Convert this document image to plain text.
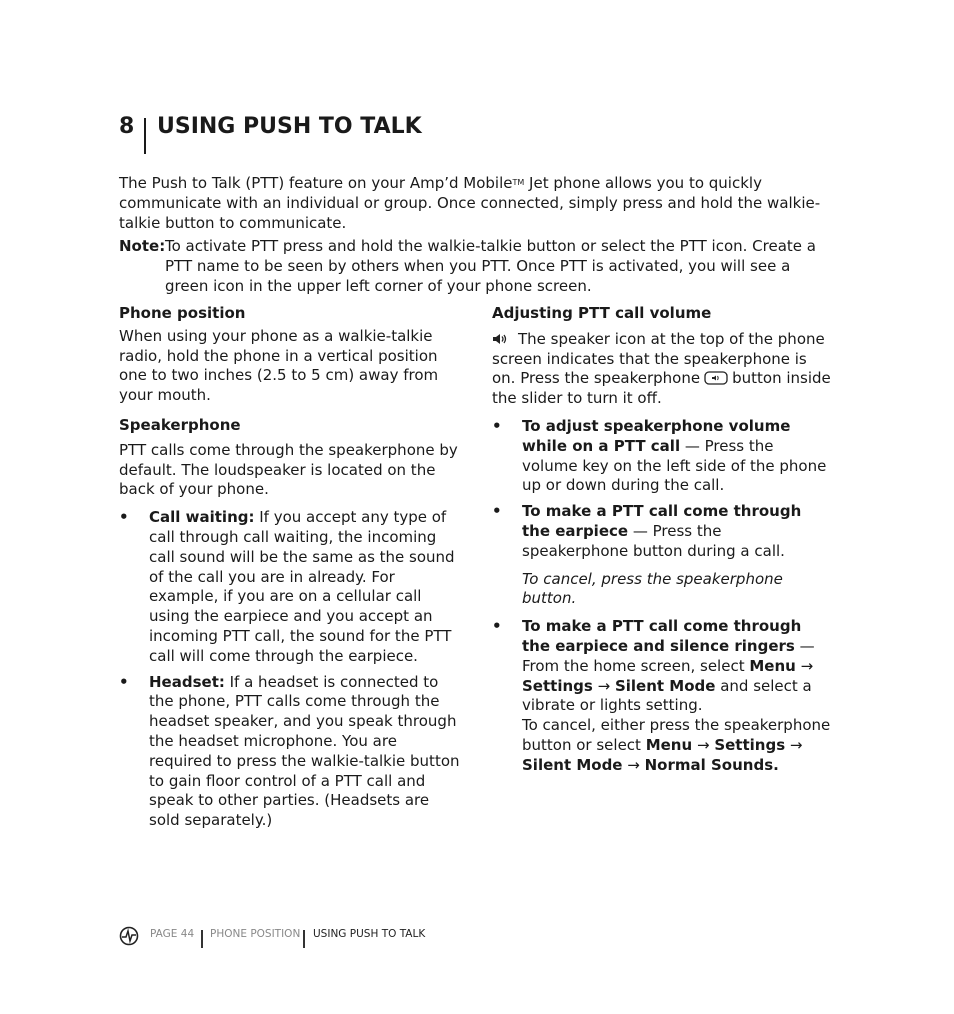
8 USING PUSH TO TALK

The Push to Talk (PTT) feature on your Amp’d Mobile™ Jet phone allows you to quickly communicate with an individual or group. Once connected, simply press and hold the walkie-talkie button to communicate.

Note: To activate PTT press and hold the walkie-talkie button or select the PTT icon. Create a PTT name to be seen by others when you PTT. Once PTT is activated, you will see a green icon in the upper left corner of your phone screen.
Phone position

When using your phone as a walkie-talkie radio, hold the phone in a vertical position one to two inches (2.5 to 5 cm) away from your mouth.

Speakerphone

PTT calls come through the speakerphone by default. The loudspeaker is located on the back of your phone.

• Call waiting: If you accept any type of call through call waiting, the incoming call sound will be the same as the sound of the call you are in already. For example, if you are on a cellular call using the earpiece and you accept an incoming PTT call, the sound for the PTT call will come through the earpiece.
• Headset: If a headset is connected to the phone, PTT calls come through the headset speaker, and you speak through the headset microphone. You are required to press the walkie-talkie button to gain floor control of a PTT call and speak to other parties. (Headsets are sold separately.)
Adjusting PTT call volume

The speaker icon at the top of the phone screen indicates that the speakerphone is on. Press the speakerphone button inside the slider to turn it off.

• To adjust speakerphone volume while on a PTT call — Press the volume key on the left side of the phone up or down during the call.
• To make a PTT call come through the earpiece — Press the speakerphone button during a call.

To cancel, press the speakerphone button.

• To make a PTT call come through the earpiece and silence ringers — From the home screen, select Menu → Settings → Silent Mode and select a vibrate or lights setting.
To cancel, either press the speakerphone button or select Menu → Settings → Silent Mode → Normal Sounds.
PAGE 44 PHONE POSITION USING PUSH TO TALK
